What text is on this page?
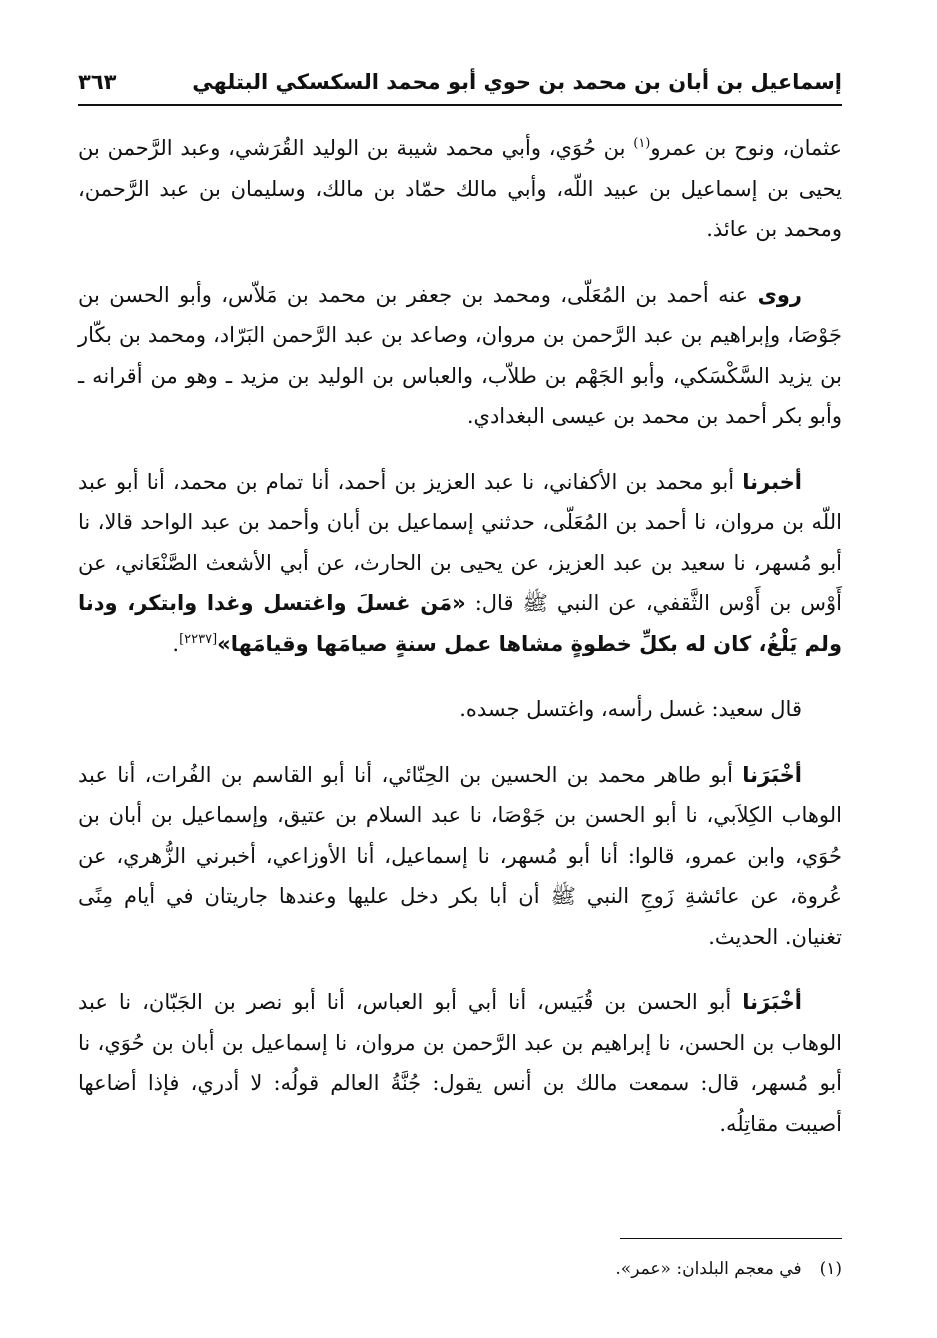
إسماعيل بن أبان بن محمد بن حوي أبو محمد السكسكي البتلهي
٣٦٣

عثمان، ونوح بن عمرو$^{(١)}$ بن حُوَي، وأبي محمد شيبة بن الوليد القُرَشي، وعبد الرَّحمن بن يحيى بن إسماعيل بن عبيد اللّه، وأبي مالك حمّاد بن مالك، وسليمان بن عبد الرَّحمن، ومحمد بن عائذ.

روى عنه أحمد بن المُعَلّى، ومحمد بن جعفر بن محمد بن مَلاّس، وأبو الحسن بن جَوْصَا، وإبراهيم بن عبد الرَّحمن بن مروان، وصاعد بن عبد الرَّحمن البَرّاد، ومحمد بن بكّار بن يزيد السَّكْسَكي، وأبو الجَهْم بن طلاّب، والعباس بن الوليد بن مزيد ـ وهو من أقرانه ـ وأبو بكر أحمد بن محمد بن عيسى البغدادي.

أخبرنا أبو محمد بن الأكفاني، نا عبد العزيز بن أحمد، أنا تمام بن محمد، أنا أبو عبد اللّه بن مروان، نا أحمد بن المُعَلّى، حدثني إسماعيل بن أبان وأحمد بن عبد الواحد قالا، نا أبو مُسهر، نا سعيد بن عبد العزيز، عن يحيى بن الحارث، عن أبي الأشعث الصَّنْعَاني، عن أَوْس بن أَوْس الثَّقفي، عن النبي ﷺ قال: «مَن غسلَ واغتسل وغدا وابتكر، ودنا ولم يَلْغُ، كان له بكلِّ خطوةٍ مشاها عمل سنةٍ صيامَها وقيامَها»[٢٢٣٧].

قال سعيد: غسل رأسه، واغتسل جسده.

أخْبَرَنا أبو طاهر محمد بن الحسين بن الحِنّائي، أنا أبو القاسم بن الفُرات، أنا عبد الوهاب الكِلاَبي، نا أبو الحسن بن جَوْصَا، نا عبد السلام بن عتيق، وإسماعيل بن أبان بن حُوَي، وابن عمرو، قالوا: أنا أبو مُسهر، نا إسماعيل، أنا الأوزاعي، أخبرني الزُّهري، عن عُروة، عن عائشةِ زَوجِ النبي ﷺ أن أبا بكر دخل عليها وعندها جاريتان في أيام مِنًى تغنيان. الحديث.

أخْبَرَنا أبو الحسن بن قُبَيس، أنا أبي أبو العباس، أنا أبو نصر بن الجَبّان، نا عبد الوهاب بن الحسن، نا إبراهيم بن عبد الرَّحمن بن مروان، نا إسماعيل بن أبان بن حُوَي، نا أبو مُسهر، قال: سمعت مالك بن أنس يقول: جُنَّةُ العالم قولُه: لا أدري، فإذا أضاعها أصيبت مقاتِلُه.

(١)في معجم البلدان: «عمر».
